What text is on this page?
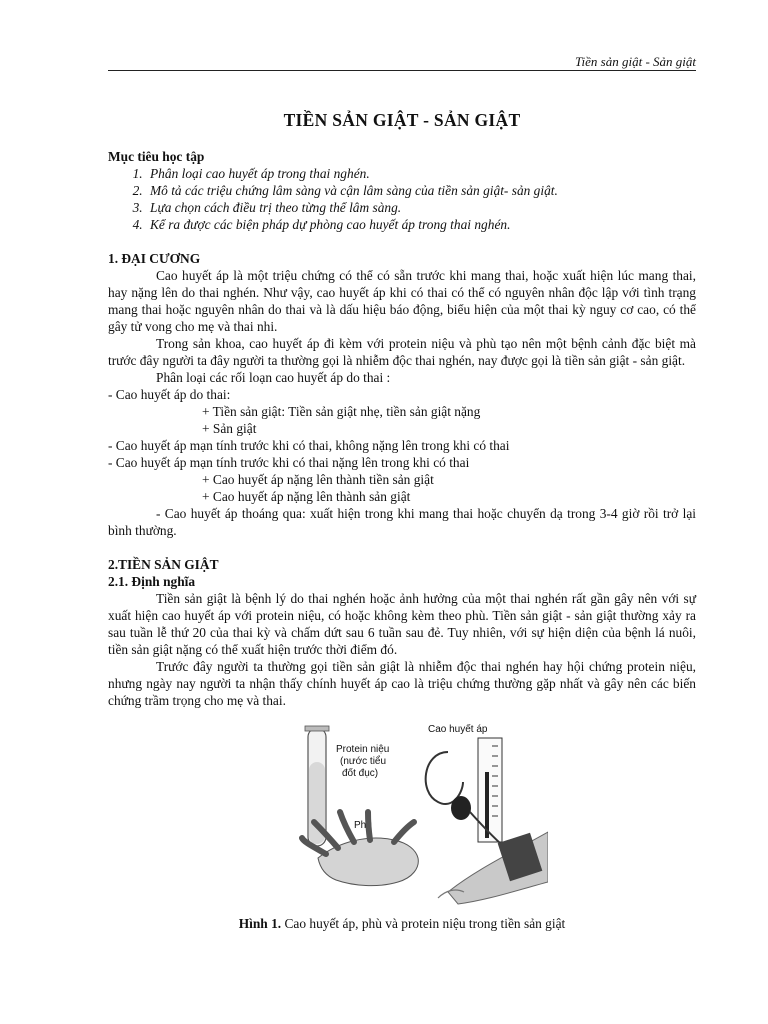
Tiền sản giật - Sản giật
TIỀN SẢN GIẬT - SẢN GIẬT

Mục tiêu học tập

1. Phân loại cao huyết áp trong thai nghén.
2. Mô tả các triệu chứng lâm sàng và cận lâm sàng của tiền sản giật- sản giật.
3. Lựa chọn cách điều trị theo từng thể lâm sàng.
4. Kể ra được các biện pháp dự phòng cao huyết áp trong thai nghén.

1. ĐẠI CƯƠNG

Cao huyết áp là một triệu chứng có thể có sẵn trước khi mang thai, hoặc xuất hiện lúc mang thai, hay nặng lên do thai nghén. Như vậy, cao huyết áp khi có thai có thể có nguyên nhân độc lập với tình trạng mang thai hoặc nguyên nhân do thai và là dấu hiệu báo động, biểu hiện của một thai kỳ nguy cơ cao, có thể gây tử vong cho mẹ và thai nhi.

Trong sản khoa, cao huyết áp đi kèm với protein niệu và phù tạo nên một bệnh cảnh đặc biệt mà trước đây người ta đây người ta thường gọi là nhiễm độc thai nghén, nay được gọi là tiền sản giật - sản giật.

Phân loại các rối loạn cao huyết áp do thai :

- Cao huyết áp do thai:

+ Tiền sản giật: Tiền sản giật nhẹ, tiền sản giật nặng

+ Sản giật

- Cao huyết áp mạn tính trước khi có thai, không nặng lên trong khi có thai

- Cao huyết áp mạn tính trước khi có thai nặng lên trong khi có thai

+ Cao huyết áp nặng lên thành tiền sản giật

+ Cao huyết áp nặng lên thành sản giật

- Cao huyết áp thoáng qua: xuất hiện trong khi mang thai hoặc chuyển dạ trong 3-4 giờ rồi trở lại bình thường.

2.TIỀN SẢN GIẬT

2.1. Định nghĩa

Tiền sản giật là bệnh lý do thai nghén hoặc ảnh hưởng của một thai nghén rất gần gây nên với sự xuất hiện cao huyết áp với protein niệu, có hoặc không kèm theo phù. Tiền sản giật - sản giật thường xảy ra sau tuần lễ thứ 20 của thai kỳ và chấm dứt sau 6 tuần sau đẻ. Tuy nhiên, với sự hiện diện của bệnh lá nuôi, tiền sản giật nặng có thể xuất hiện trước thời điểm đó.

Trước đây người ta thường gọi tiền sản giật là nhiễm độc thai nghén hay hội chứng protein niệu, nhưng ngày nay người ta nhận thấy chính huyết áp cao là triệu chứng thường gặp nhất và gây nên các biến chứng trầm trọng cho mẹ và thai.

Protein niệu
(nước tiểu
đốt đục)
Cao huyết áp
Phù
Hình 1. Cao huyết áp, phù và protein niệu trong tiền sản giật
